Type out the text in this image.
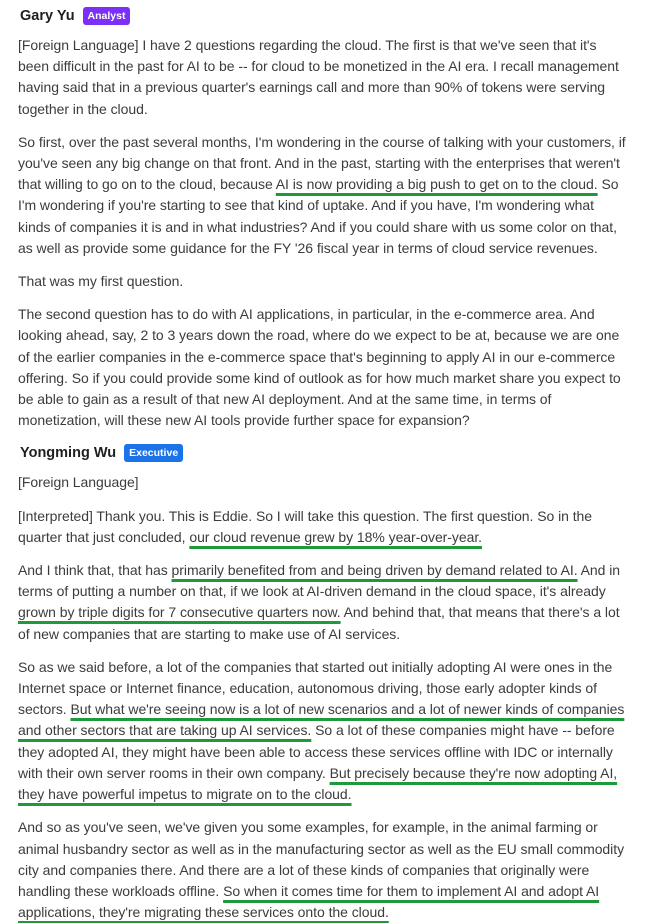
Gary Yu	Analyst

[Foreign Language] I have 2 questions regarding the cloud. The first is that we've seen that it's been difficult in the past for AI to be -- for cloud to be monetized in the AI era. I recall management having said that in a previous quarter's earnings call and more than 90% of tokens were serving together in the cloud.

So first, over the past several months, I'm wondering in the course of talking with your customers, if you've seen any big change on that front. And in the past, starting with the enterprises that weren't that willing to go on to the cloud, because AI is now providing a big push to get on to the cloud. So I'm wondering if you're starting to see that kind of uptake. And if you have, I'm wondering what kinds of companies it is and in what industries? And if you could share with us some color on that, as well as provide some guidance for the FY '26 fiscal year in terms of cloud service revenues.

That was my first question.

The second question has to do with AI applications, in particular, in the e-commerce area. And looking ahead, say, 2 to 3 years down the road, where do we expect to be at, because we are one of the earlier companies in the e-commerce space that's beginning to apply AI in our e-commerce offering. So if you could provide some kind of outlook as for how much market share you expect to be able to gain as a result of that new AI deployment. And at the same time, in terms of monetization, will these new AI tools provide further space for expansion?

Yongming Wu	Executive

[Foreign Language]

[Interpreted] Thank you. This is Eddie. So I will take this question. The first question. So in the quarter that just concluded, our cloud revenue grew by 18% year-over-year.

And I think that, that has primarily benefited from and being driven by demand related to AI. And in terms of putting a number on that, if we look at AI-driven demand in the cloud space, it's already grown by triple digits for 7 consecutive quarters now. And behind that, that means that there's a lot of new companies that are starting to make use of AI services.

So as we said before, a lot of the companies that started out initially adopting AI were ones in the Internet space or Internet finance, education, autonomous driving, those early adopter kinds of sectors. But what we're seeing now is a lot of new scenarios and a lot of newer kinds of companies and other sectors that are taking up AI services. So a lot of these companies might have -- before they adopted AI, they might have been able to access these services offline with IDC or internally with their own server rooms in their own company. But precisely because they're now adopting AI, they have powerful impetus to migrate on to the cloud.

And so as you've seen, we've given you some examples, for example, in the animal farming or animal husbandry sector as well as in the manufacturing sector as well as the EU small commodity city and companies there. And there are a lot of these kinds of companies that originally were handling these workloads offline. So when it comes time for them to implement AI and adopt AI applications, they're migrating these services onto the cloud.
